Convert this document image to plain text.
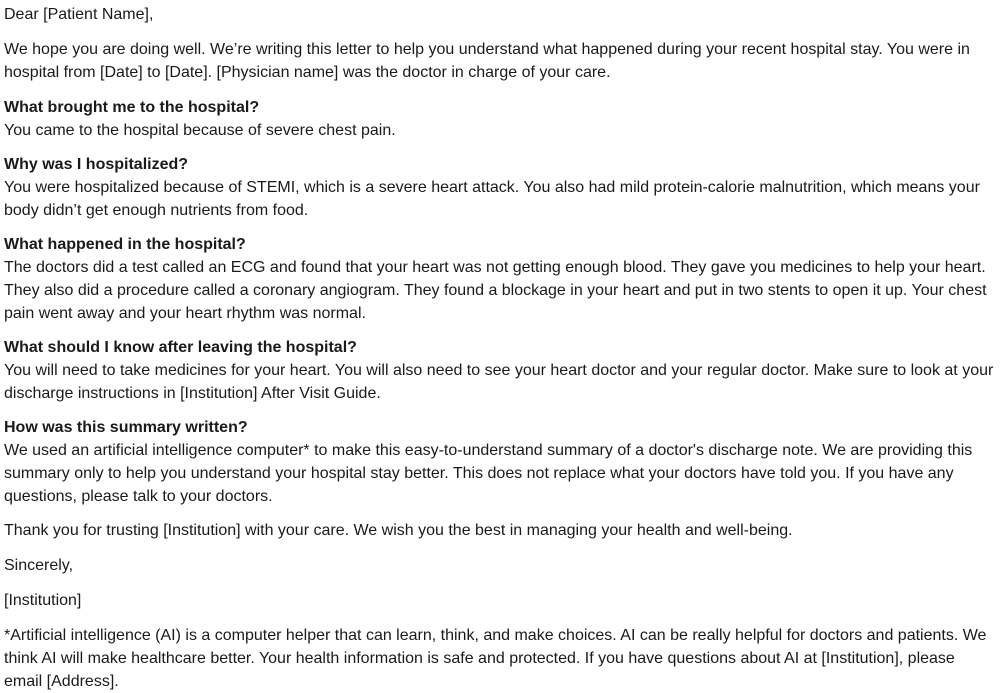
Dear [Patient Name],

We hope you are doing well. We’re writing this letter to help you understand what happened during your recent hospital stay. You were in hospital from [Date] to [Date]. [Physician name] was the doctor in charge of your care.

What brought me to the hospital?
You came to the hospital because of severe chest pain.
Why was I hospitalized?
You were hospitalized because of STEMI, which is a severe heart attack. You also had mild protein-calorie malnutrition, which means your body didn’t get enough nutrients from food.
What happened in the hospital?
The doctors did a test called an ECG and found that your heart was not getting enough blood. They gave you medicines to help your heart. They also did a procedure called a coronary angiogram. They found a blockage in your heart and put in two stents to open it up. Your chest pain went away and your heart rhythm was normal.
What should I know after leaving the hospital?
You will need to take medicines for your heart. You will also need to see your heart doctor and your regular doctor. Make sure to look at your discharge instructions in [Institution] After Visit Guide.
How was this summary written?
We used an artificial intelligence computer* to make this easy-to-understand summary of a doctor's discharge note. We are providing this summary only to help you understand your hospital stay better. This does not replace what your doctors have told you. If you have any questions, please talk to your doctors.

Thank you for trusting [Institution] with your care. We wish you the best in managing your health and well-being.

Sincerely,

[Institution]

*Artificial intelligence (AI) is a computer helper that can learn, think, and make choices. AI can be really helpful for doctors and patients. We think AI will make healthcare better. Your health information is safe and protected. If you have questions about AI at [Institution], please email [Address].
